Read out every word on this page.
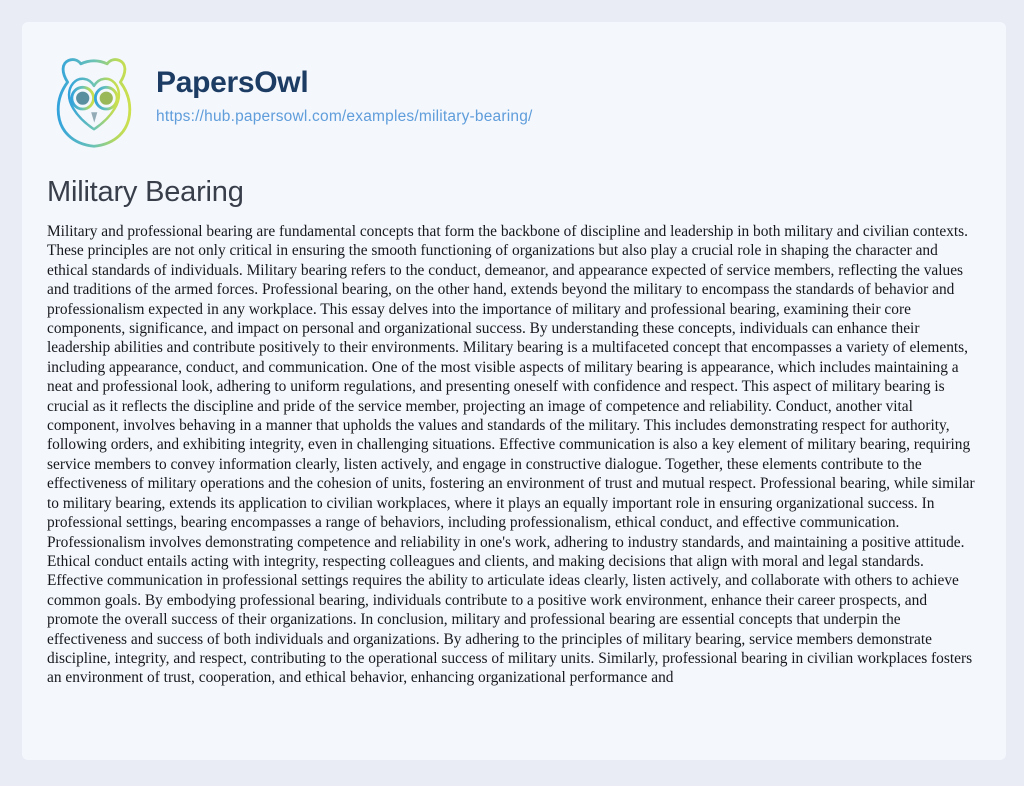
PapersOwl
https://hub.papersowl.com/examples/military-bearing/
Military Bearing

Military and professional bearing are fundamental concepts that form the backbone of discipline and leadership in both military and civilian contexts. These principles are not only critical in ensuring the smooth functioning of organizations but also play a crucial role in shaping the character and ethical standards of individuals. Military bearing refers to the conduct, demeanor, and appearance expected of service members, reflecting the values and traditions of the armed forces. Professional bearing, on the other hand, extends beyond the military to encompass the standards of behavior and professionalism expected in any workplace. This essay delves into the importance of military and professional bearing, examining their core components, significance, and impact on personal and organizational success. By understanding these concepts, individuals can enhance their leadership abilities and contribute positively to their environments. Military bearing is a multifaceted concept that encompasses a variety of elements, including appearance, conduct, and communication. One of the most visible aspects of military bearing is appearance, which includes maintaining a neat and professional look, adhering to uniform regulations, and presenting oneself with confidence and respect. This aspect of military bearing is crucial as it reflects the discipline and pride of the service member, projecting an image of competence and reliability. Conduct, another vital component, involves behaving in a manner that upholds the values and standards of the military. This includes demonstrating respect for authority, following orders, and exhibiting integrity, even in challenging situations. Effective communication is also a key element of military bearing, requiring service members to convey information clearly, listen actively, and engage in constructive dialogue. Together, these elements contribute to the effectiveness of military operations and the cohesion of units, fostering an environment of trust and mutual respect. Professional bearing, while similar to military bearing, extends its application to civilian workplaces, where it plays an equally important role in ensuring organizational success. In professional settings, bearing encompasses a range of behaviors, including professionalism, ethical conduct, and effective communication. Professionalism involves demonstrating competence and reliability in one's work, adhering to industry standards, and maintaining a positive attitude. Ethical conduct entails acting with integrity, respecting colleagues and clients, and making decisions that align with moral and legal standards. Effective communication in professional settings requires the ability to articulate ideas clearly, listen actively, and collaborate with others to achieve common goals. By embodying professional bearing, individuals contribute to a positive work environment, enhance their career prospects, and promote the overall success of their organizations. In conclusion, military and professional bearing are essential concepts that underpin the effectiveness and success of both individuals and organizations. By adhering to the principles of military bearing, service members demonstrate discipline, integrity, and respect, contributing to the operational success of military units. Similarly, professional bearing in civilian workplaces fosters an environment of trust, cooperation, and ethical behavior, enhancing organizational performance and
